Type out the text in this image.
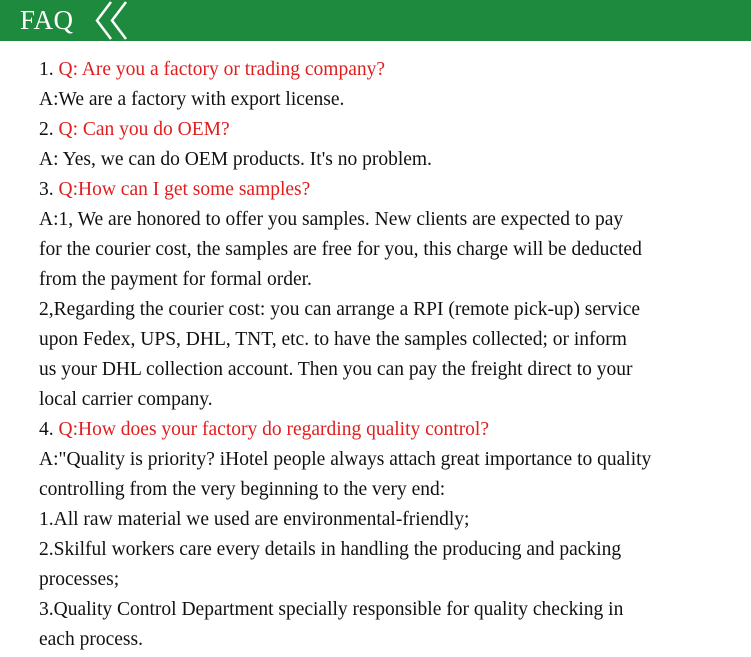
FAQ
1. Q: Are you a factory or trading company?
A:We are a factory with export license.
2. Q: Can you do OEM?
A: Yes, we can do OEM products. It's no problem.
3. Q:How can I get some samples?
A:1, We are honored to offer you samples. New clients are expected to pay
for the courier cost, the samples are free for you, this charge will be deducted
from the payment for formal order.
2,Regarding the courier cost: you can arrange a RPI (remote pick-up) service
upon Fedex, UPS, DHL, TNT, etc. to have the samples collected; or inform
us your DHL collection account. Then you can pay the freight direct to your
local carrier company.
4. Q:How does your factory do regarding quality control?
A:"Quality is priority? iHotel people always attach great importance to quality
controlling from the very beginning to the very end:
1.All raw material we used are environmental-friendly;
2.Skilful workers care every details in handling the producing and packing
processes;
3.Quality Control Department specially responsible for quality checking in
each process.
